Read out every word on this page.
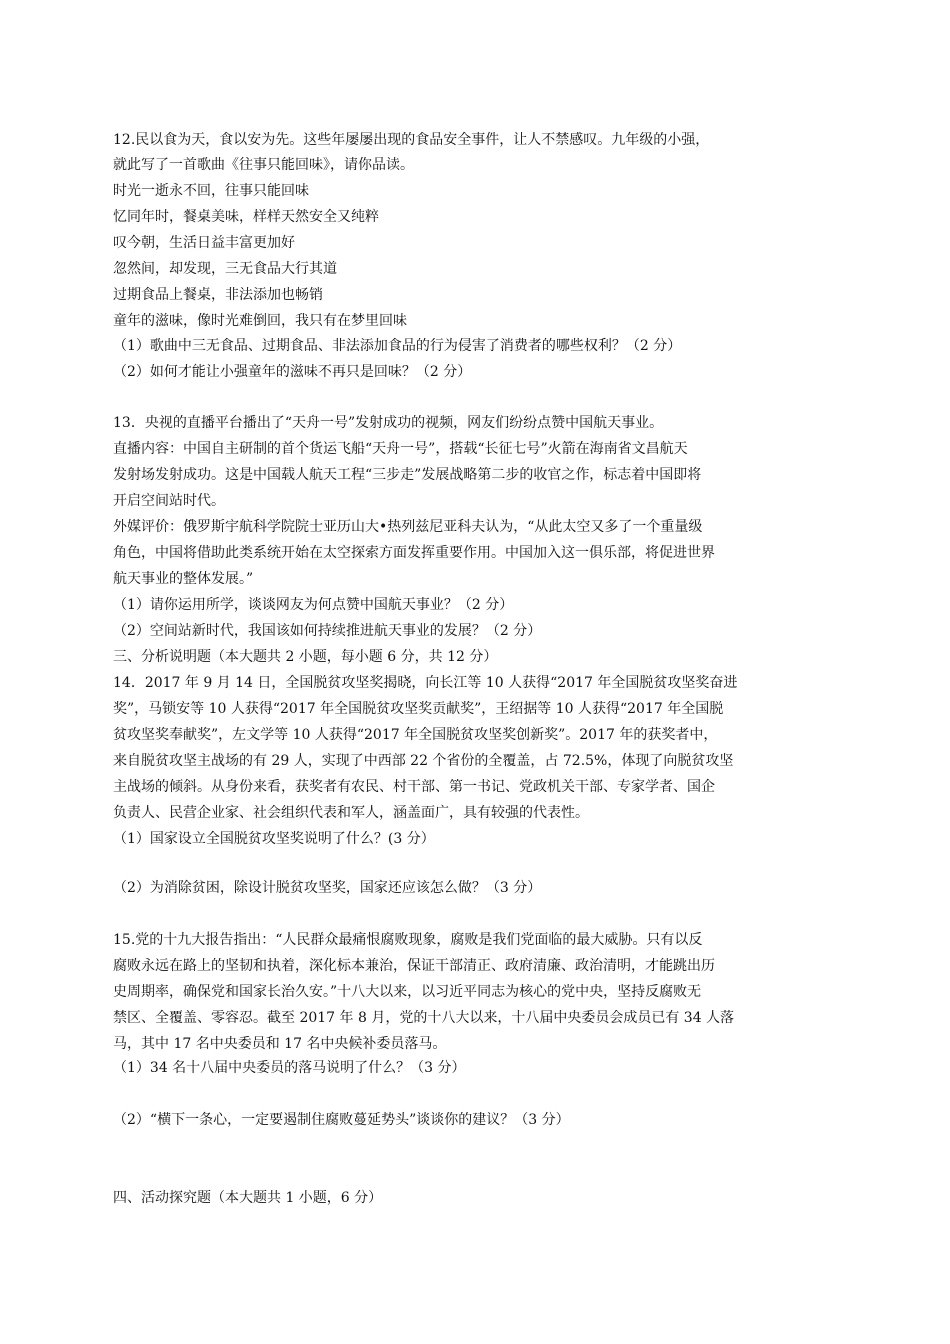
12.民以食为天，食以安为先。这些年屡屡出现的食品安全事件，让人不禁感叹。九年级的小强，
就此写了一首歌曲《往事只能回味》，请你品读。
时光一逝永不回，往事只能回味
忆同年时，餐桌美味，样样天然安全又纯粹
叹今朝，生活日益丰富更加好
忽然间，却发现，三无食品大行其道
过期食品上餐桌，非法添加也畅销
童年的滋味，像时光难倒回，我只有在梦里回味
（1）歌曲中三无食品、过期食品、非法添加食品的行为侵害了消费者的哪些权利？（2 分）
（2）如何才能让小强童年的滋味不再只是回味？（2 分）
13．央视的直播平台播出了“天舟一号”发射成功的视频，网友们纷纷点赞中国航天事业。
直播内容：中国自主研制的首个货运飞船“天舟一号”，搭载“长征七号”火箭在海南省文昌航天
发射场发射成功。这是中国载人航天工程“三步走”发展战略第二步的收官之作，标志着中国即将
开启空间站时代。
外媒评价：俄罗斯宇航科学院院士亚历山大•热列兹尼亚科夫认为，“从此太空又多了一个重量级
角色，中国将借助此类系统开始在太空探索方面发挥重要作用。中国加入这一俱乐部，将促进世界
航天事业的整体发展。”
（1）请你运用所学，谈谈网友为何点赞中国航天事业？（2 分）
（2）空间站新时代，我国该如何持续推进航天事业的发展？（2 分）
三、分析说明题（本大题共 2 小题，每小题 6 分，共 12 分）
14．2017 年 9 月 14 日，全国脱贫攻坚奖揭晓，向长江等 10 人获得“2017 年全国脱贫攻坚奖奋进
奖”，马锁安等 10 人获得“2017 年全国脱贫攻坚奖贡献奖”，王绍据等 10 人获得“2017 年全国脱
贫攻坚奖奉献奖”，左文学等 10 人获得“2017 年全国脱贫攻坚奖创新奖”。2017 年的获奖者中，
来自脱贫攻坚主战场的有 29 人，实现了中西部 22 个省份的全覆盖，占 72.5%，体现了向脱贫攻坚
主战场的倾斜。从身份来看，获奖者有农民、村干部、第一书记、党政机关干部、专家学者、国企
负责人、民营企业家、社会组织代表和军人，涵盖面广，具有较强的代表性。
（1）国家设立全国脱贫攻坚奖说明了什么？(3 分）
（2）为消除贫困，除设计脱贫攻坚奖，国家还应该怎么做？（3 分）
15.党的十九大报告指出：“人民群众最痛恨腐败现象，腐败是我们党面临的最大威胁。只有以反
腐败永远在路上的坚韧和执着，深化标本兼治，保证干部清正、政府清廉、政治清明，才能跳出历
史周期率，确保党和国家长治久安。”十八大以来，以习近平同志为核心的党中央，坚持反腐败无
禁区、全覆盖、零容忍。截至 2017 年 8 月，党的十八大以来，十八届中央委员会成员已有 34 人落
马，其中 17 名中央委员和 17 名中央候补委员落马。
（1）34 名十八届中央委员的落马说明了什么？（3 分）
（2）“横下一条心，一定要遏制住腐败蔓延势头”谈谈你的建议？（3 分）
四、活动探究题（本大题共 1 小题，6 分）
